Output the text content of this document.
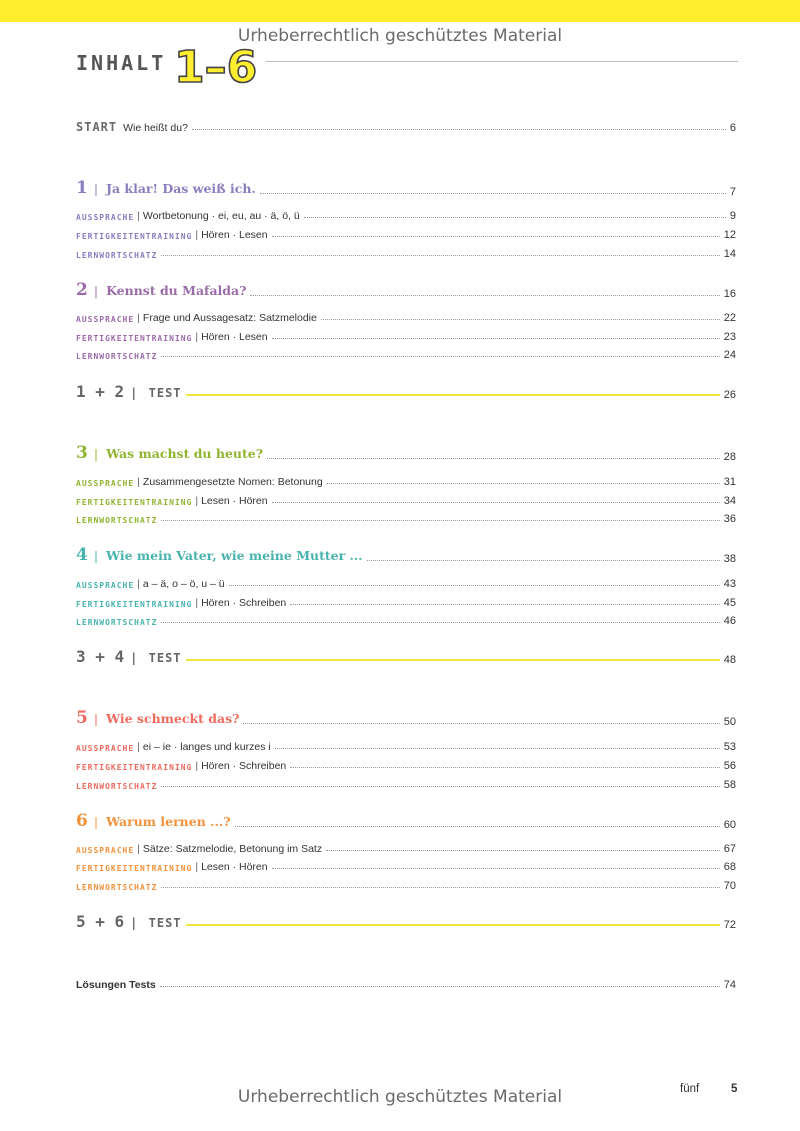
Urheberrechtlich geschütztes Material
INHALT 1–6
START Wie heißt du?	6
1 | Ja klar! Das weiß ich.	7
AUSSPRACHE | Wortbetonung · ei, eu, au · ä, ö, ü	9
FERTIGKEITENTRAINING | Hören · Lesen	12
LERNWORTSCHATZ	14
2 | Kennst du Mafalda?	16
AUSSPRACHE | Frage und Aussagesatz: Satzmelodie	22
FERTIGKEITENTRAINING | Hören · Lesen	23
LERNWORTSCHATZ	24
1 + 2 | TEST	26
3 | Was machst du heute?	28
AUSSPRACHE | Zusammengesetzte Nomen: Betonung	31
FERTIGKEITENTRAINING | Lesen · Hören	34
LERNWORTSCHATZ	36
4 | Wie mein Vater, wie meine Mutter ...	38
AUSSPRACHE | a – ä, o – ö, u – ü	43
FERTIGKEITENTRAINING | Hören · Schreiben	45
LERNWORTSCHATZ	46
3 + 4 | TEST	48
5 | Wie schmeckt das?	50
AUSSPRACHE | ei – ie · langes und kurzes i	53
FERTIGKEITENTRAINING | Hören · Schreiben	56
LERNWORTSCHATZ	58
6 | Warum lernen ...?	60
AUSSPRACHE | Sätze: Satzmelodie, Betonung im Satz	67
FERTIGKEITENTRAINING | Lesen · Hören	68
LERNWORTSCHATZ	70
5 + 6 | TEST	72
Lösungen Tests	74
Urheberrechtlich geschütztes Material	fünf	5
